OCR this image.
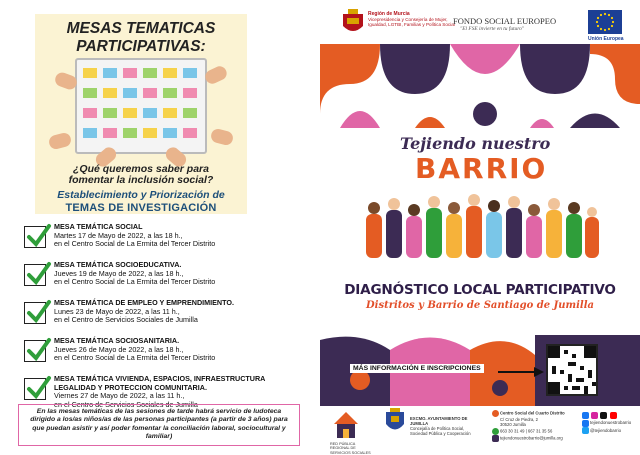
MESAS TEMATICAS
PARTICIPATIVAS:
¿Qué queremos saber para
fomentar la inclusión social?
Establecimiento y Priorización de
TEMAS DE INVESTIGACIÓN
MESA TEMÁTICA SOCIAL
Martes 17 de Mayo de 2022, a las 18 h.,
en el Centro Social de La Ermita del Tercer Distrito
MESA TEMÁTICA SOCIOEDUCATIVA.
Jueves 19 de Mayo de 2022, a las 18 h.,
en el Centro Social de La Ermita del Tercer Distrito
MESA TEMÁTICA DE EMPLEO Y EMPRENDIMIENTO.
Lunes 23 de Mayo de 2022, a las 11 h.,
en el Centro de Servicios Sociales de Jumilla
MESA TEMÁTICA SOCIOSANITARIA.
Jueves 26 de Mayo de 2022, a las 18 h.,
en el Centro Social de La Ermita del Tercer Distrito
MESA TEMÁTICA VIVIENDA, ESPACIOS, INFRAESTRUCTURA
LEGALIDAD Y PROTECCION COMUNITARIA.
Viernes 27 de Mayo de 2022, a las 11 h.,
en el Centro de Servicios Sociales de Jumilla
En las mesas temáticas de las sesiones de tarde habrá servicio de ludoteca dirigido a los/as niños/as de las personas participantes (a partir de 3 años) para que puedan asistir y así poder fomentar la conciliación laboral, sociocultural y familiar)
Región de Murcia
Vicepresidencia y Consejería de Mujer,
Igualdad, LGTBI, Familias y Política Social
FONDO SOCIAL EUROPEO
"El FSE invierte en tu futuro"
Unión Europea
Tejiendo nuestro
BARRIO
DIAGNÓSTICO LOCAL PARTICIPATIVO
Distritos y Barrio de Santiago de Jumilla
MÁS INFORMACIÓN E INSCRIPCIONES
RED PÚBLICA REGIONAL DE SERVICIOS SOCIALES
EXCMO. AYUNTAMIENTO DE JUMILLA
Concejalía de Política Social,
Sociedad Pública y Cooperación
Centro Social del Cuarto Distrito
C/ Cruz de Piedra, 2
30520 Jumilla
663 30 31 49 | 667 31 35 56
tejiendonuestrobarrio@jumilla.org

tejiendonuestrobarrio
@tejiendobarrio
